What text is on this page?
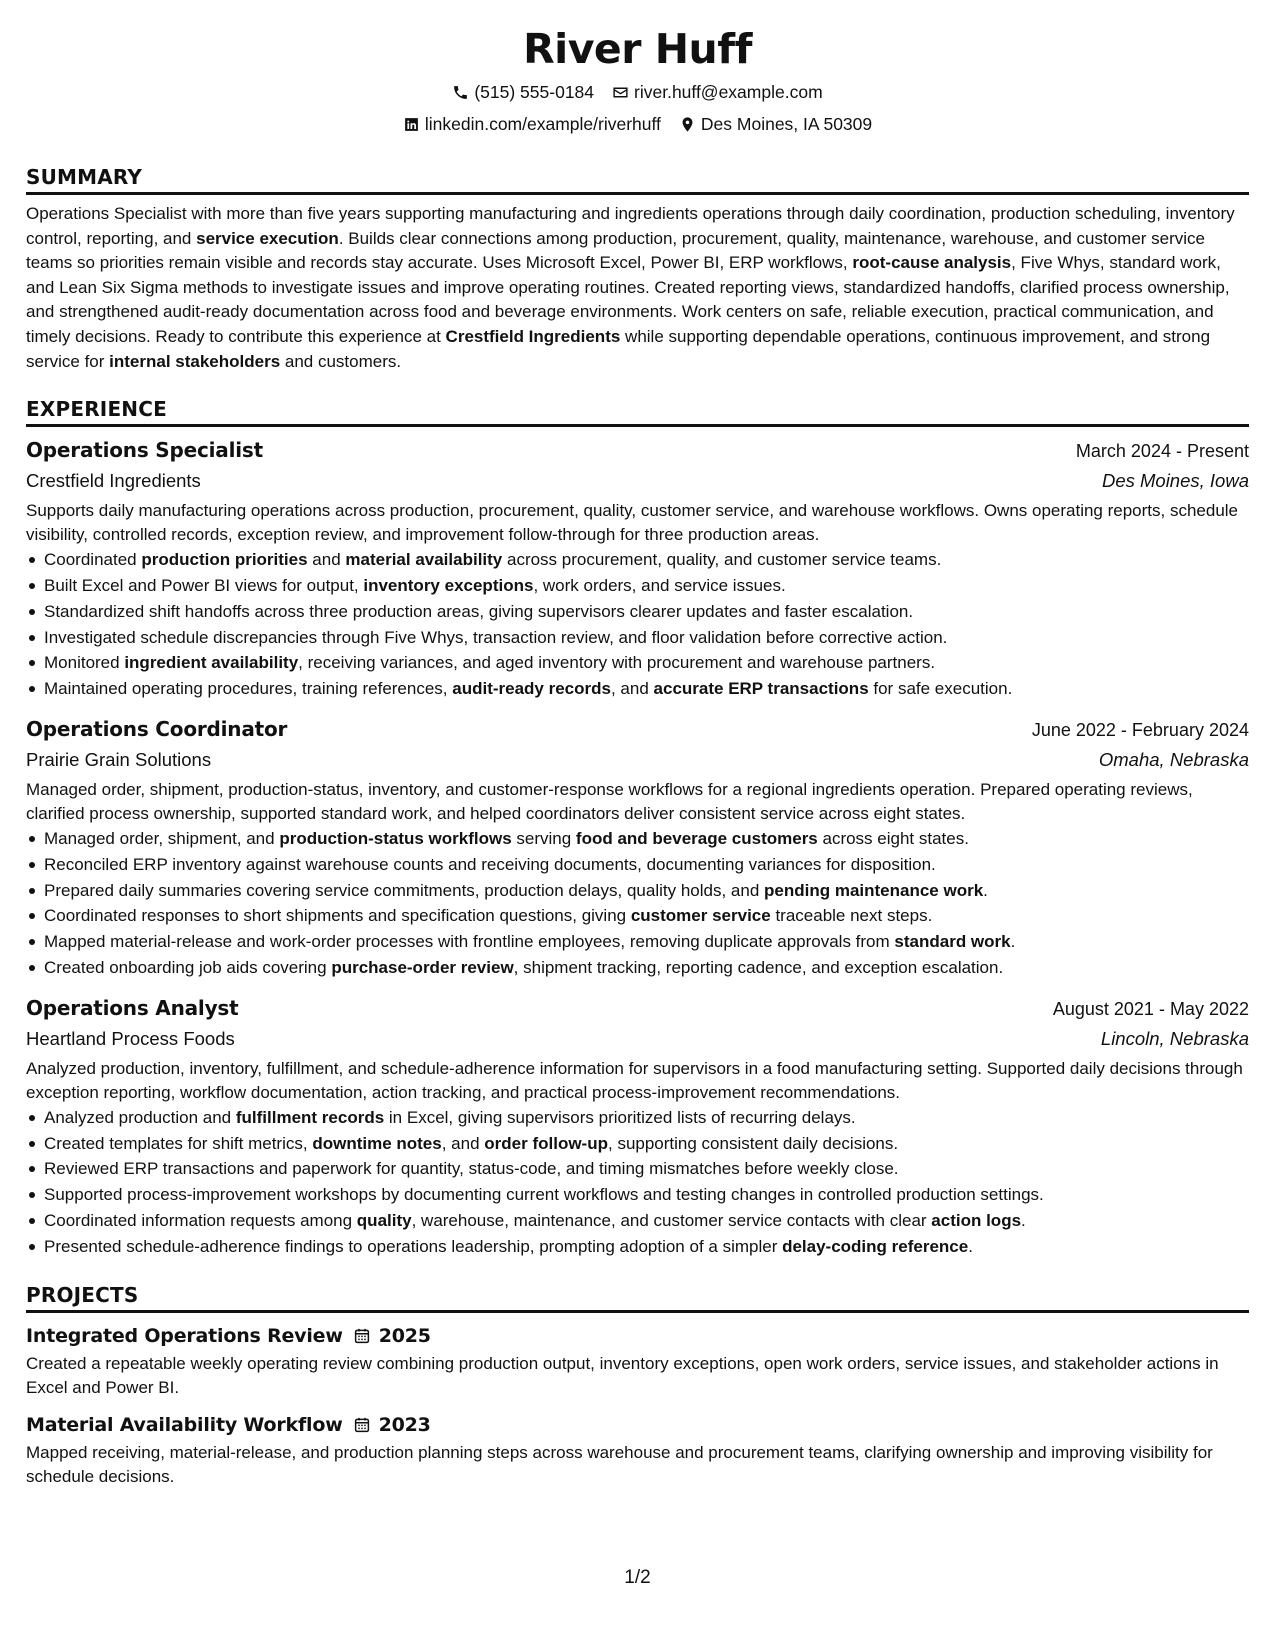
River Huff
(515) 555-0184 river.huff@example.com
linkedin.com/example/riverhuff Des Moines, IA 50309
SUMMARY

Operations Specialist with more than five years supporting manufacturing and ingredients operations through daily coordination, production scheduling, inventory control, reporting, and service execution. Builds clear connections among production, procurement, quality, maintenance, warehouse, and customer service teams so priorities remain visible and records stay accurate. Uses Microsoft Excel, Power BI, ERP workflows, root-cause analysis, Five Whys, standard work, and Lean Six Sigma methods to investigate issues and improve operating routines. Created reporting views, standardized handoffs, clarified process ownership, and strengthened audit-ready documentation across food and beverage environments. Work centers on safe, reliable execution, practical communication, and timely decisions. Ready to contribute this experience at Crestfield Ingredients while supporting dependable operations, continuous improvement, and strong service for internal stakeholders and customers.

EXPERIENCE
Operations Specialist	March 2024 - Present
Crestfield Ingredients	Des Moines, Iowa

Supports daily manufacturing operations across production, procurement, quality, customer service, and warehouse workflows. Owns operating reports, schedule visibility, controlled records, exception review, and improvement follow-through for three production areas.

Coordinated production priorities and material availability across procurement, quality, and customer service teams.
Built Excel and Power BI views for output, inventory exceptions, work orders, and service issues.
Standardized shift handoffs across three production areas, giving supervisors clearer updates and faster escalation.
Investigated schedule discrepancies through Five Whys, transaction review, and floor validation before corrective action.
Monitored ingredient availability, receiving variances, and aged inventory with procurement and warehouse partners.
Maintained operating procedures, training references, audit-ready records, and accurate ERP transactions for safe execution.
Operations Coordinator	June 2022 - February 2024
Prairie Grain Solutions	Omaha, Nebraska

Managed order, shipment, production-status, inventory, and customer-response workflows for a regional ingredients operation. Prepared operating reviews, clarified process ownership, supported standard work, and helped coordinators deliver consistent service across eight states.

Managed order, shipment, and production-status workflows serving food and beverage customers across eight states.
Reconciled ERP inventory against warehouse counts and receiving documents, documenting variances for disposition.
Prepared daily summaries covering service commitments, production delays, quality holds, and pending maintenance work.
Coordinated responses to short shipments and specification questions, giving customer service traceable next steps.
Mapped material-release and work-order processes with frontline employees, removing duplicate approvals from standard work.
Created onboarding job aids covering purchase-order review, shipment tracking, reporting cadence, and exception escalation.
Operations Analyst	August 2021 - May 2022
Heartland Process Foods	Lincoln, Nebraska

Analyzed production, inventory, fulfillment, and schedule-adherence information for supervisors in a food manufacturing setting. Supported daily decisions through exception reporting, workflow documentation, action tracking, and practical process-improvement recommendations.

Analyzed production and fulfillment records in Excel, giving supervisors prioritized lists of recurring delays.
Created templates for shift metrics, downtime notes, and order follow-up, supporting consistent daily decisions.
Reviewed ERP transactions and paperwork for quantity, status-code, and timing mismatches before weekly close.
Supported process-improvement workshops by documenting current workflows and testing changes in controlled production settings.
Coordinated information requests among quality, warehouse, maintenance, and customer service contacts with clear action logs.
Presented schedule-adherence findings to operations leadership, prompting adoption of a simpler delay-coding reference.
PROJECTS
Integrated Operations Review 2025

Created a repeatable weekly operating review combining production output, inventory exceptions, open work orders, service issues, and stakeholder actions in Excel and Power BI.

Material Availability Workflow 2023

Mapped receiving, material-release, and production planning steps across warehouse and procurement teams, clarifying ownership and improving visibility for schedule decisions.

1/2
